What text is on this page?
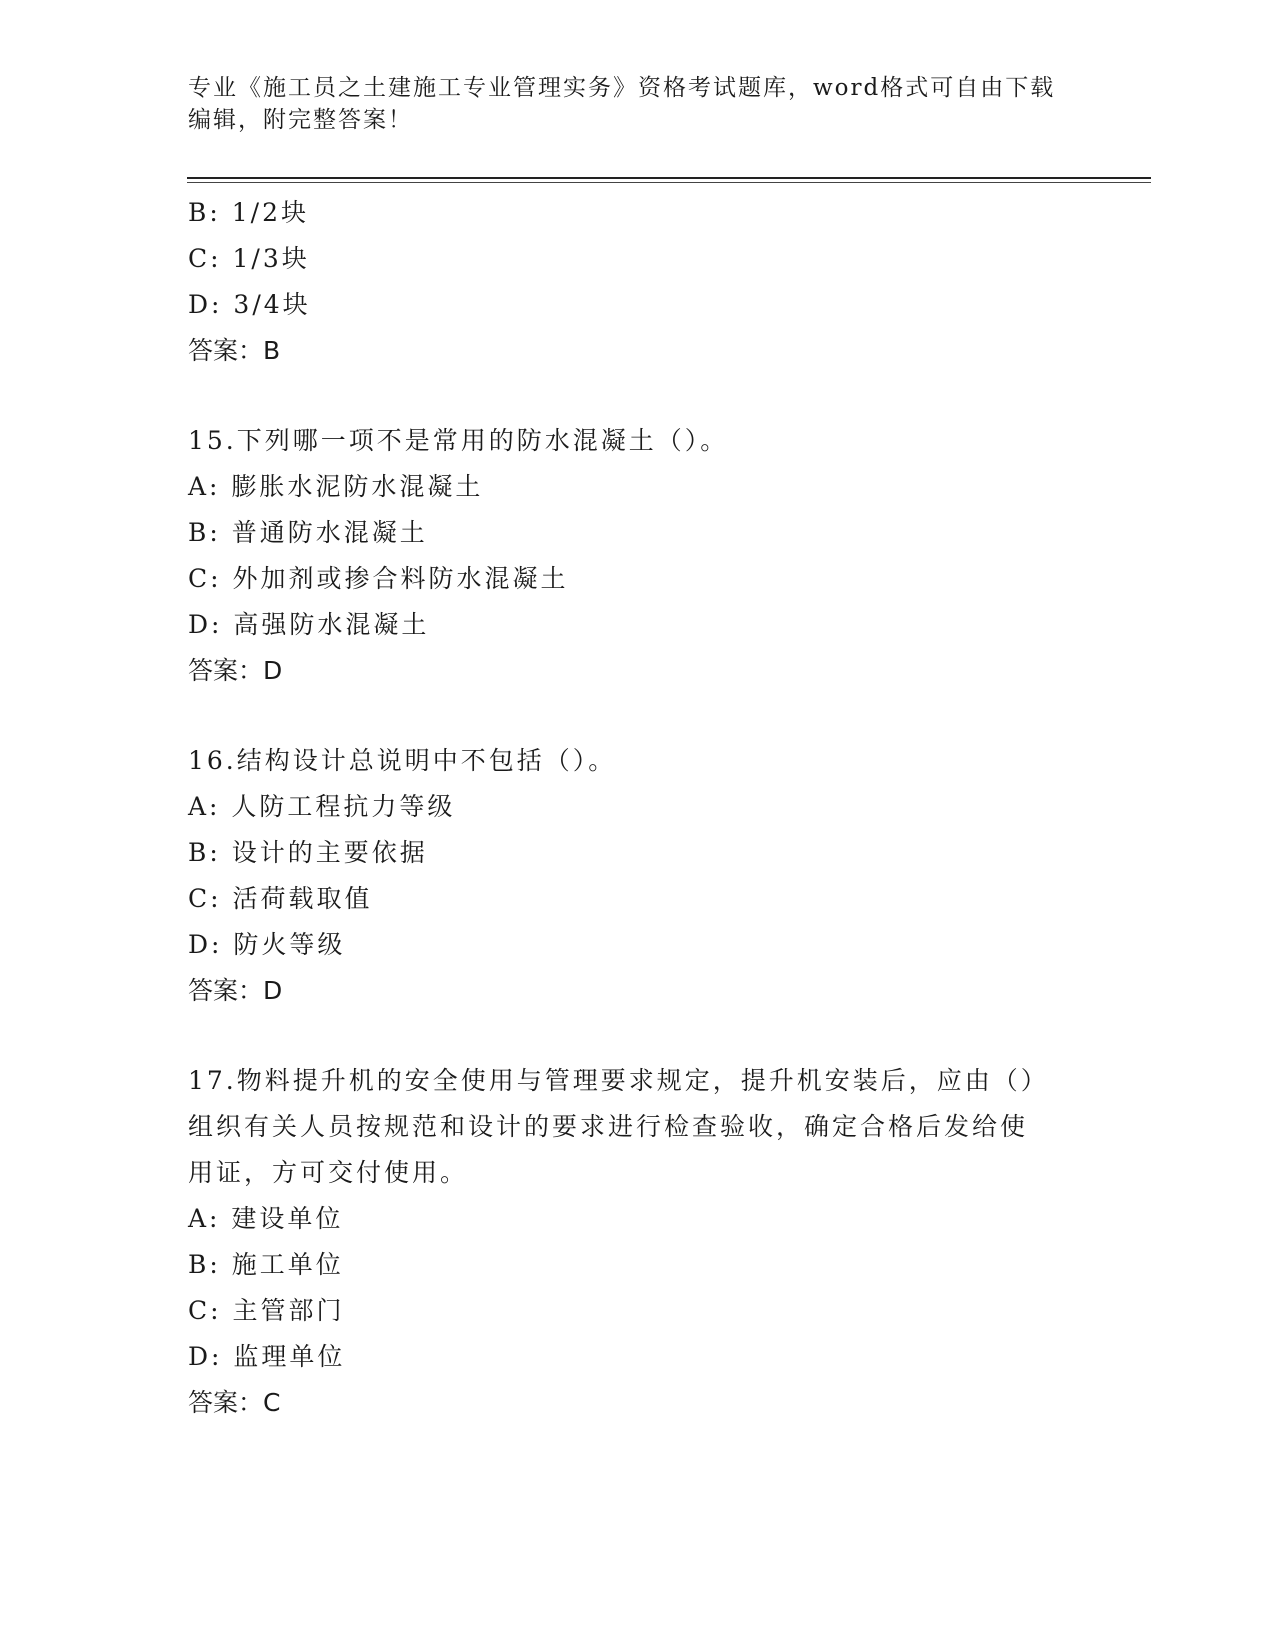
专业《施工员之土建施工专业管理实务》资格考试题库，word格式可自由下载编辑，附完整答案！
B: 1/2块
C: 1/3块
D: 3/4块
答案：B
15.下列哪一项不是常用的防水混凝土（）。
A: 膨胀水泥防水混凝土
B: 普通防水混凝土
C: 外加剂或掺合料防水混凝土
D: 高强防水混凝土
答案：D
16.结构设计总说明中不包括（）。
A: 人防工程抗力等级
B: 设计的主要依据
C: 活荷载取值
D: 防火等级
答案：D
17.物料提升机的安全使用与管理要求规定，提升机安装后，应由（）
组织有关人员按规范和设计的要求进行检查验收，确定合格后发给使
用证，方可交付使用。
A: 建设单位
B: 施工单位
C: 主管部门
D: 监理单位
答案：C
